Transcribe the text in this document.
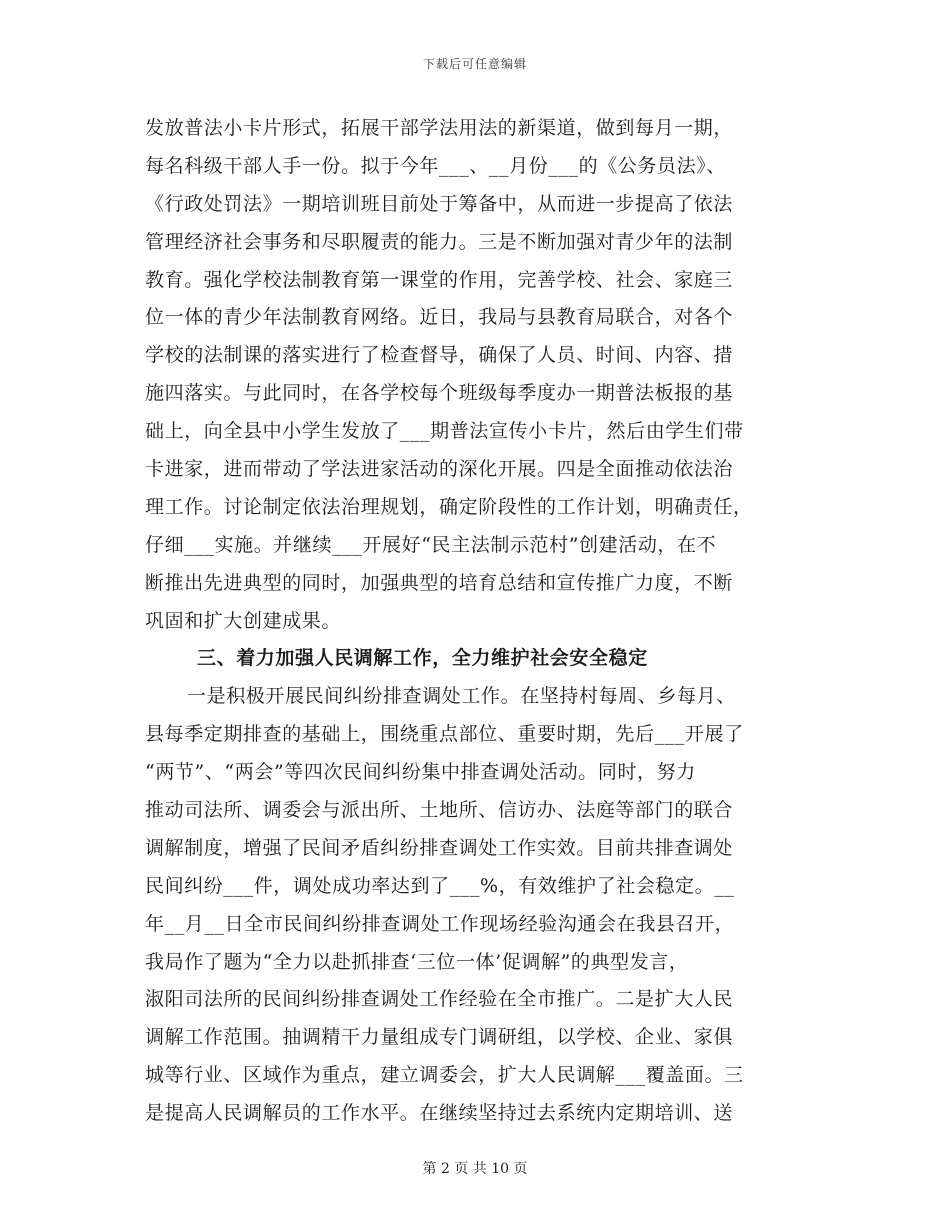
下载后可任意编辑
发放普法小卡片形式，拓展干部学法用法的新渠道，做到每月一期，
每名科级干部人手一份。拟于今年___、__月份___的《公务员法》、
《行政处罚法》一期培训班目前处于筹备中，从而进一步提高了依法
管理经济社会事务和尽职履责的能力。三是不断加强对青少年的法制
教育。强化学校法制教育第一课堂的作用，完善学校、社会、家庭三
位一体的青少年法制教育网络。近日，我局与县教育局联合，对各个
学校的法制课的落实进行了检查督导，确保了人员、时间、内容、措
施四落实。与此同时，在各学校每个班级每季度办一期普法板报的基
础上，向全县中小学生发放了___期普法宣传小卡片，然后由学生们带
卡进家，进而带动了学法进家活动的深化开展。四是全面推动依法治
理工作。讨论制定依法治理规划，确定阶段性的工作计划，明确责任，
仔细___实施。并继续___开展好“民主法制示范村”创建活动，在不
断推出先进典型的同时，加强典型的培育总结和宣传推广力度，不断
巩固和扩大创建成果。
三、着力加强人民调解工作，全力维护社会安全稳定
一是积极开展民间纠纷排查调处工作。在坚持村每周、乡每月、
县每季定期排查的基础上，围绕重点部位、重要时期，先后___开展了
“两节”、“两会”等四次民间纠纷集中排查调处活动。同时，努力
推动司法所、调委会与派出所、土地所、信访办、法庭等部门的联合
调解制度，增强了民间矛盾纠纷排查调处工作实效。目前共排查调处
民间纠纷___件，调处成功率达到了___%，有效维护了社会稳定。__
年__月__日全市民间纠纷排查调处工作现场经验沟通会在我县召开，
我局作了题为“全力以赴抓排查‘三位一体’促调解”的典型发言，
淑阳司法所的民间纠纷排查调处工作经验在全市推广。二是扩大人民
调解工作范围。抽调精干力量组成专门调研组，以学校、企业、家俱
城等行业、区域作为重点，建立调委会，扩大人民调解___覆盖面。三
是提高人民调解员的工作水平。在继续坚持过去系统内定期培训、送
第 2 页 共 10 页
